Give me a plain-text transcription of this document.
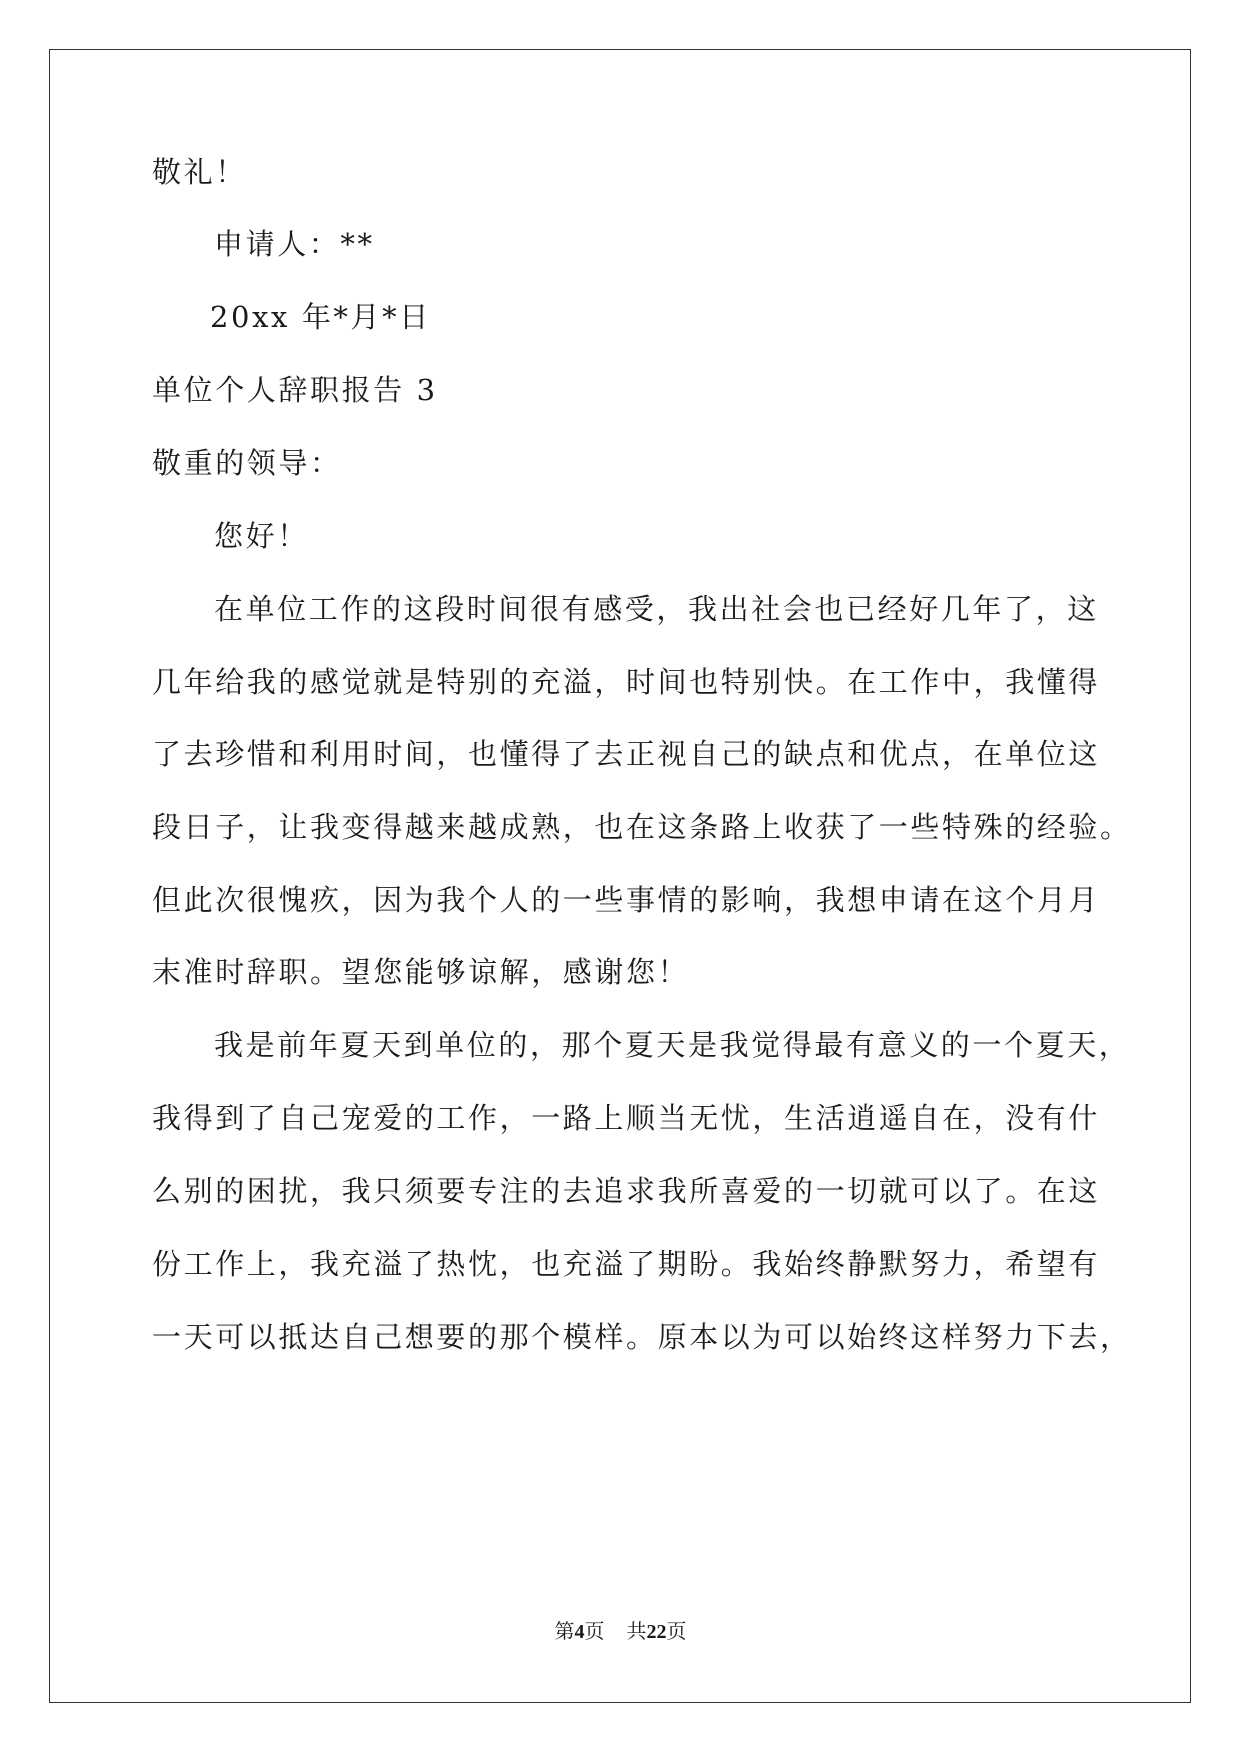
敬礼！
申请人：**
20xx 年*月*日
单位个人辞职报告 3
敬重的领导：
您好！
在单位工作的这段时间很有感受，我出社会也已经好几年了，这
几年给我的感觉就是特别的充溢，时间也特别快。在工作中，我懂得
了去珍惜和利用时间，也懂得了去正视自己的缺点和优点，在单位这
段日子，让我变得越来越成熟，也在这条路上收获了一些特殊的经验。
但此次很愧疚，因为我个人的一些事情的影响，我想申请在这个月月
末准时辞职。望您能够谅解，感谢您！
我是前年夏天到单位的，那个夏天是我觉得最有意义的一个夏天，
我得到了自己宠爱的工作，一路上顺当无忧，生活逍遥自在，没有什
么别的困扰，我只须要专注的去追求我所喜爱的一切就可以了。在这
份工作上，我充溢了热忱，也充溢了期盼。我始终静默努力，希望有
一天可以抵达自己想要的那个模样。原本以为可以始终这样努力下去，
第4页 共22页
